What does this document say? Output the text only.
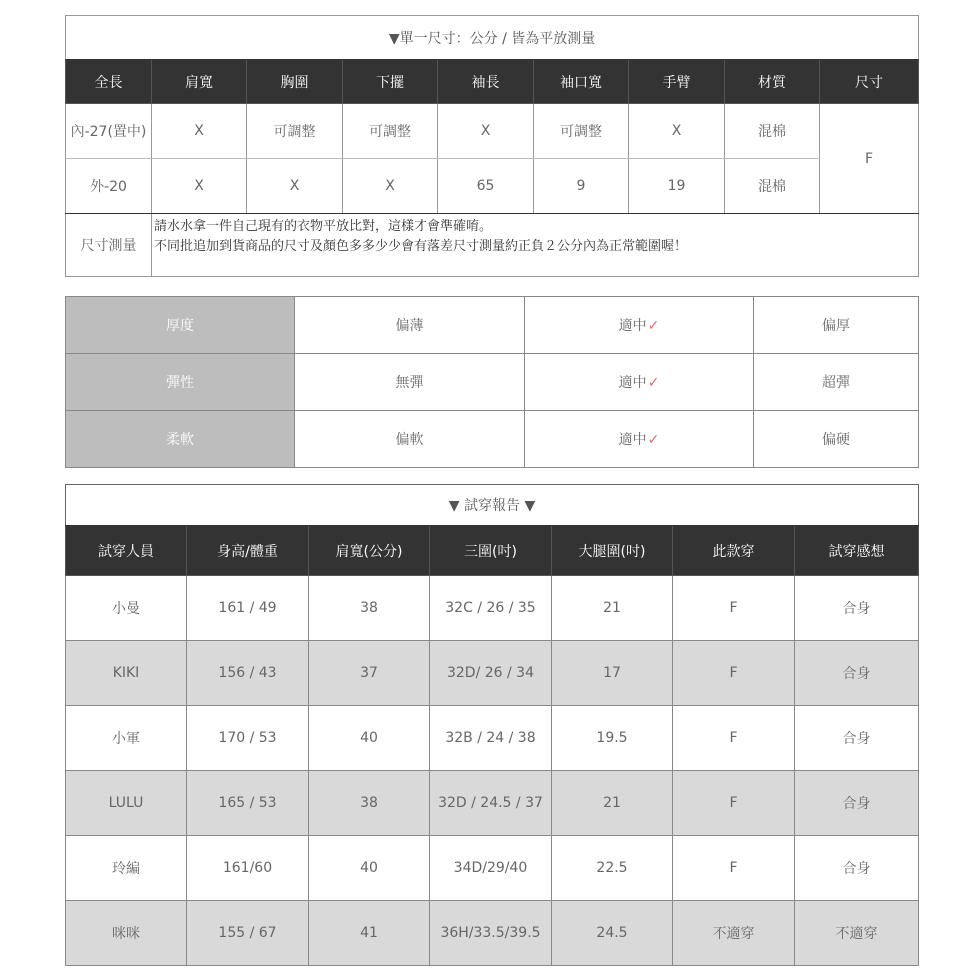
▼單一尺寸：公分 / 皆為平放測量								
全長	肩寬	胸圍	下擺	袖長	袖口寬	手臂	材質	尺寸
內-27(置中)	X	可調整	可調整	X	可調整	X	混棉	F
外-20	X	X	X	65	9	19	混棉	
尺寸測量	請水水拿一件自己現有的衣物平放比對，這樣才會準確唷。
不同批追加到貨商品的尺寸及顏色多多少少會有落差尺寸測量約正負２公分內為正常範圍喔！							
厚度	偏薄	適中✓	偏厚
彈性	無彈	適中✓	超彈
柔軟	偏軟	適中✓	偏硬
▼ 試穿報告 ▼						
試穿人員	身高/體重	肩寬(公分)	三圍(吋)	大腿圍(吋)	此款穿	試穿感想
小曼	161 / 49	38	32C / 26 / 35	21	F	合身
KIKI	156 / 43	37	32D/ 26 / 34	17	F	合身
小軍	170 / 53	40	32B / 24 / 38	19.5	F	合身
LULU	165 / 53	38	32D / 24.5 / 37	21	F	合身
玲編	161/60	40	34D/29/40	22.5	F	合身
咪咪	155 / 67	41	36H/33.5/39.5	24.5	不適穿	不適穿
